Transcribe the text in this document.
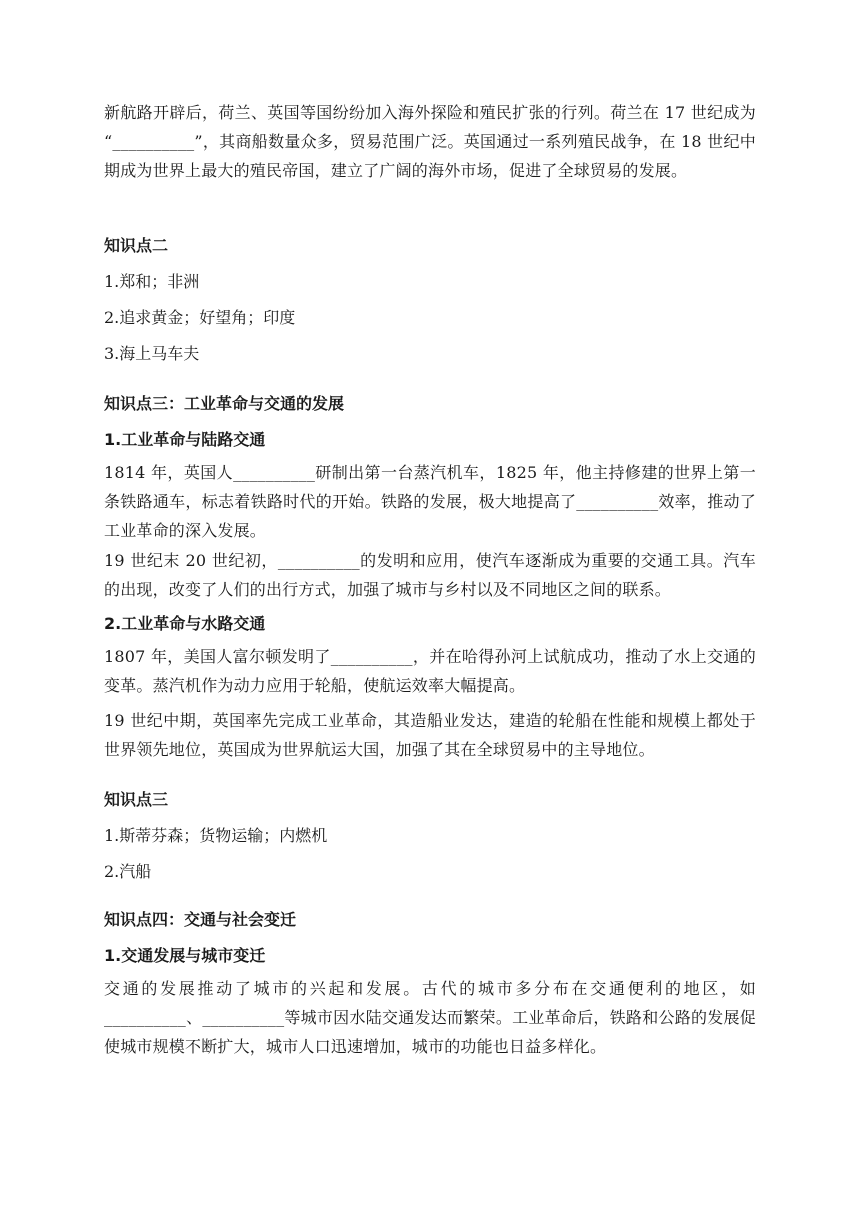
新航路开辟后，荷兰、英国等国纷纷加入海外探险和殖民扩张的行列。荷兰在 17 世纪成为 “__________”，其商船数量众多，贸易范围广泛。英国通过一系列殖民战争，在 18 世纪中期成为世界上最大的殖民帝国，建立了广阔的海外市场，促进了全球贸易的发展。

知识点二

1.郑和；非洲

2.追求黄金；好望角；印度

3.海上马车夫

知识点三：工业革命与交通的发展

1.工业革命与陆路交通

1814 年，英国人__________研制出第一台蒸汽机车，1825 年，他主持修建的世界上第一条铁路通车，标志着铁路时代的开始。铁路的发展，极大地提高了__________效率，推动了工业革命的深入发展。

19 世纪末 20 世纪初，__________的发明和应用，使汽车逐渐成为重要的交通工具。汽车的出现，改变了人们的出行方式，加强了城市与乡村以及不同地区之间的联系。

2.工业革命与水路交通

1807 年，美国人富尔顿发明了__________，并在哈得孙河上试航成功，推动了水上交通的变革。蒸汽机作为动力应用于轮船，使航运效率大幅提高。

19 世纪中期，英国率先完成工业革命，其造船业发达，建造的轮船在性能和规模上都处于世界领先地位，英国成为世界航运大国，加强了其在全球贸易中的主导地位。

知识点三

1.斯蒂芬森；货物运输；内燃机

2.汽船

知识点四：交通与社会变迁

1.交通发展与城市变迁

交通的发展推动了城市的兴起和发展。古代的城市多分布在交通便利的地区，如__________、__________等城市因水陆交通发达而繁荣。工业革命后，铁路和公路的发展促使城市规模不断扩大，城市人口迅速增加，城市的功能也日益多样化。
